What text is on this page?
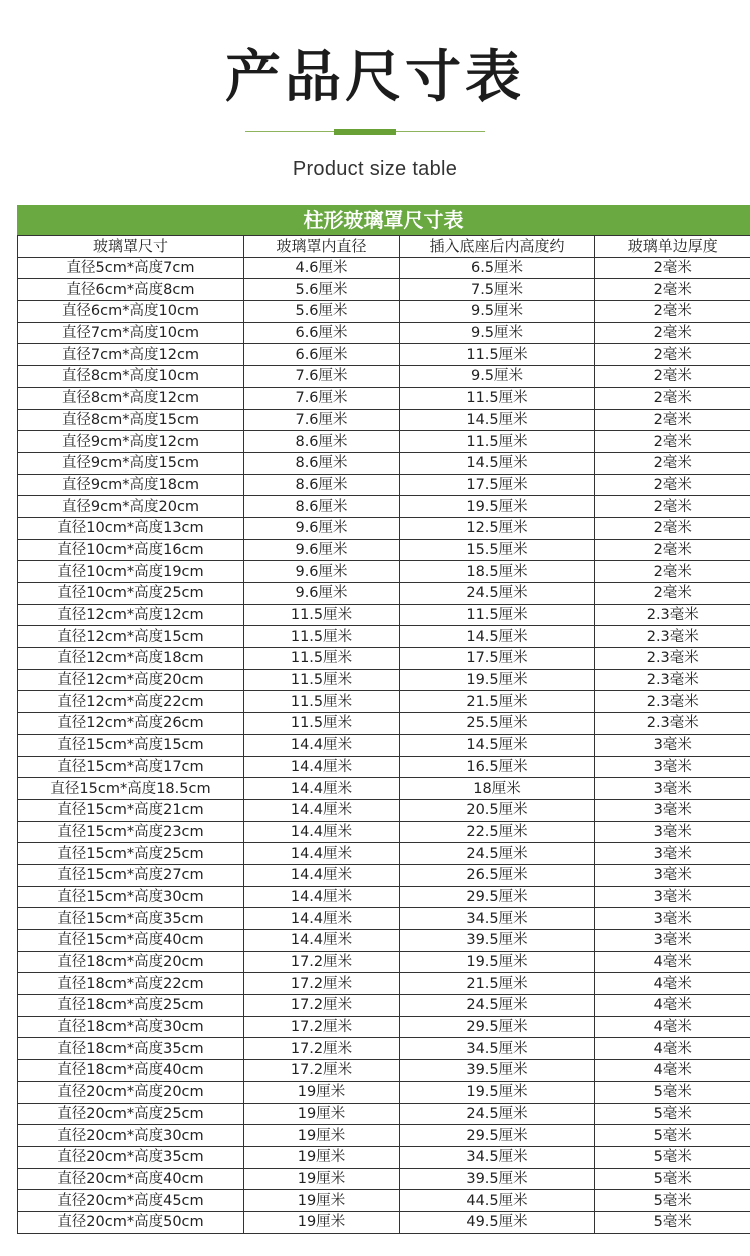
产品尺寸表
Product size table
柱形玻璃罩尺寸表
玻璃罩尺寸	玻璃罩内直径	插入底座后内高度约	玻璃单边厚度
直径5cm*高度7cm	4.6厘米	6.5厘米	2毫米
直径6cm*高度8cm	5.6厘米	7.5厘米	2毫米
直径6cm*高度10cm	5.6厘米	9.5厘米	2毫米
直径7cm*高度10cm	6.6厘米	9.5厘米	2毫米
直径7cm*高度12cm	6.6厘米	11.5厘米	2毫米
直径8cm*高度10cm	7.6厘米	9.5厘米	2毫米
直径8cm*高度12cm	7.6厘米	11.5厘米	2毫米
直径8cm*高度15cm	7.6厘米	14.5厘米	2毫米
直径9cm*高度12cm	8.6厘米	11.5厘米	2毫米
直径9cm*高度15cm	8.6厘米	14.5厘米	2毫米
直径9cm*高度18cm	8.6厘米	17.5厘米	2毫米
直径9cm*高度20cm	8.6厘米	19.5厘米	2毫米
直径10cm*高度13cm	9.6厘米	12.5厘米	2毫米
直径10cm*高度16cm	9.6厘米	15.5厘米	2毫米
直径10cm*高度19cm	9.6厘米	18.5厘米	2毫米
直径10cm*高度25cm	9.6厘米	24.5厘米	2毫米
直径12cm*高度12cm	11.5厘米	11.5厘米	2.3毫米
直径12cm*高度15cm	11.5厘米	14.5厘米	2.3毫米
直径12cm*高度18cm	11.5厘米	17.5厘米	2.3毫米
直径12cm*高度20cm	11.5厘米	19.5厘米	2.3毫米
直径12cm*高度22cm	11.5厘米	21.5厘米	2.3毫米
直径12cm*高度26cm	11.5厘米	25.5厘米	2.3毫米
直径15cm*高度15cm	14.4厘米	14.5厘米	3毫米
直径15cm*高度17cm	14.4厘米	16.5厘米	3毫米
直径15cm*高度18.5cm	14.4厘米	18厘米	3毫米
直径15cm*高度21cm	14.4厘米	20.5厘米	3毫米
直径15cm*高度23cm	14.4厘米	22.5厘米	3毫米
直径15cm*高度25cm	14.4厘米	24.5厘米	3毫米
直径15cm*高度27cm	14.4厘米	26.5厘米	3毫米
直径15cm*高度30cm	14.4厘米	29.5厘米	3毫米
直径15cm*高度35cm	14.4厘米	34.5厘米	3毫米
直径15cm*高度40cm	14.4厘米	39.5厘米	3毫米
直径18cm*高度20cm	17.2厘米	19.5厘米	4毫米
直径18cm*高度22cm	17.2厘米	21.5厘米	4毫米
直径18cm*高度25cm	17.2厘米	24.5厘米	4毫米
直径18cm*高度30cm	17.2厘米	29.5厘米	4毫米
直径18cm*高度35cm	17.2厘米	34.5厘米	4毫米
直径18cm*高度40cm	17.2厘米	39.5厘米	4毫米
直径20cm*高度20cm	19厘米	19.5厘米	5毫米
直径20cm*高度25cm	19厘米	24.5厘米	5毫米
直径20cm*高度30cm	19厘米	29.5厘米	5毫米
直径20cm*高度35cm	19厘米	34.5厘米	5毫米
直径20cm*高度40cm	19厘米	39.5厘米	5毫米
直径20cm*高度45cm	19厘米	44.5厘米	5毫米
直径20cm*高度50cm	19厘米	49.5厘米	5毫米
